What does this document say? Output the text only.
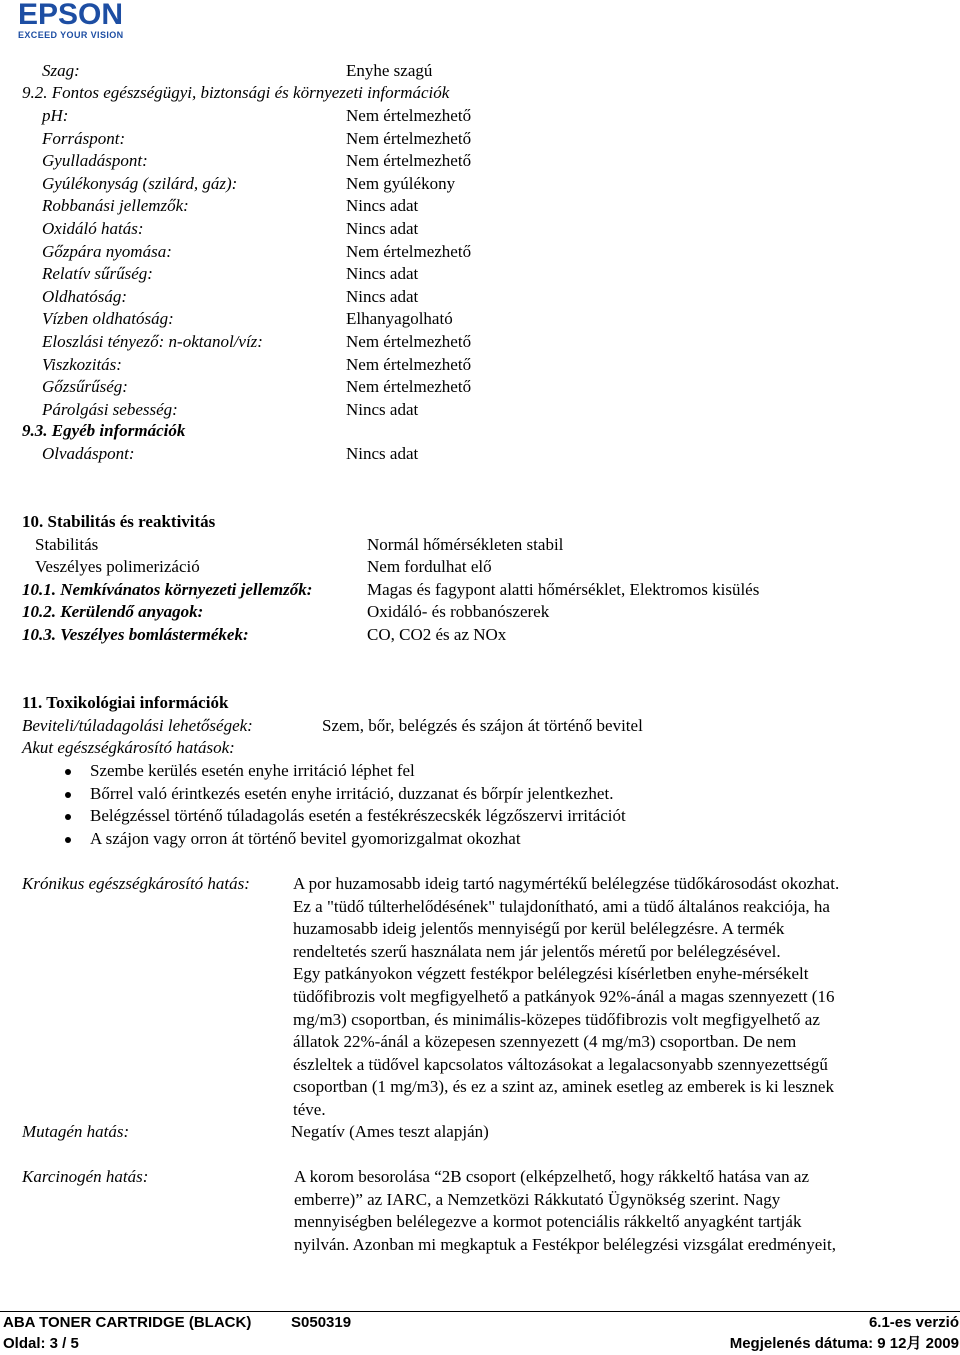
EPSON
EXCEED YOUR VISION
Szag:	Enyhe szagú
9.2. Fontos egészségügyi, biztonsági és környezeti információk
pH:	Nem értelmezhető
Forráspont:	Nem értelmezhető
Gyulladáspont:	Nem értelmezhető
Gyúlékonyság (szilárd, gáz):	Nem gyúlékony
Robbanási jellemzők:	Nincs adat
Oxidáló hatás:	Nincs adat
Gőzpára nyomása:	Nem értelmezhető
Relatív sűrűség:	Nincs adat
Oldhatóság:	Nincs adat
Vízben oldhatóság:	Elhanyagolható
Eloszlási tényező: n-oktanol/víz:	Nem értelmezhető
Viszkozitás:	Nem értelmezhető
Gőzsűrűség:	Nem értelmezhető
Párolgási sebesség:	Nincs adat
9.3. Egyéb információk
Olvadáspont:	Nincs adat
10. Stabilitás és reaktivitás
Stabilitás	Normál hőmérsékleten stabil
Veszélyes polimerizáció	Nem fordulhat elő
10.1. Nemkívánatos környezeti jellemzők:	Magas és fagypont alatti hőmérséklet, Elektromos kisülés
10.2. Kerülendő anyagok:	Oxidáló- és robbanószerek
10.3. Veszélyes bomlástermékek:	CO, CO2 és az NOx
11. Toxikológiai információk
Beviteli/túladagolási lehetőségek:	Szem, bőr, belégzés és szájon át történő bevitel
Akut egészségkárosító hatások:
Szembe kerülés esetén enyhe irritáció léphet fel
Bőrrel való érintkezés esetén enyhe irritáció, duzzanat és bőrpír jelentkezhet.
Belégzéssel történő túladagolás esetén a festékrészecskék légzőszervi irritációt
A szájon vagy orron át történő bevitel gyomorizgalmat okozhat
Krónikus egészségkárosító hatás:	A por huzamosabb ideig tartó nagymértékű belélegzése tüdőkárosodást okozhat.
Ez a "tüdő túlterhelődésének" tulajdonítható, ami a tüdő általános reakciója, ha
huzamosabb ideig jelentős mennyiségű por kerül belélegzésre. A termék
rendeltetés szerű használata nem jár jelentős méretű por belélegzésével.
Egy patkányokon végzett festékpor belélegzési kísérletben enyhe-mérsékelt
tüdőfibrozis volt megfigyelhető a patkányok 92%-ánál a magas szennyezett (16
mg/m3) csoportban, és minimális-közepes tüdőfibrozis volt megfigyelhető az
állatok 22%-ánál a közepesen szennyezett (4 mg/m3) csoportban. De nem
észleltek a tüdővel kapcsolatos változásokat a legalacsonyabb szennyezettségű
csoportban (1 mg/m3), és ez a szint az, aminek esetleg az emberek is ki lesznek
téve.
Mutagén hatás:	Negatív (Ames teszt alapján)
Karcinogén hatás:	A korom besorolása “2B csoport (elképzelhető, hogy rákkeltő hatása van az
emberre)” az IARC, a Nemzetközi Rákkutató Ügynökség szerint. Nagy
mennyiségben belélegezve a kormot potenciális rákkeltő anyagként tartják
nyilván. Azonban mi megkaptuk a Festékpor belélegzési vizsgálat eredményeit,
ABA TONER CARTRIDGE (BLACK)	S050319	6.1-es verzió
Oldal: 3 / 5	Megjelenés dátuma: 9 12月 2009
